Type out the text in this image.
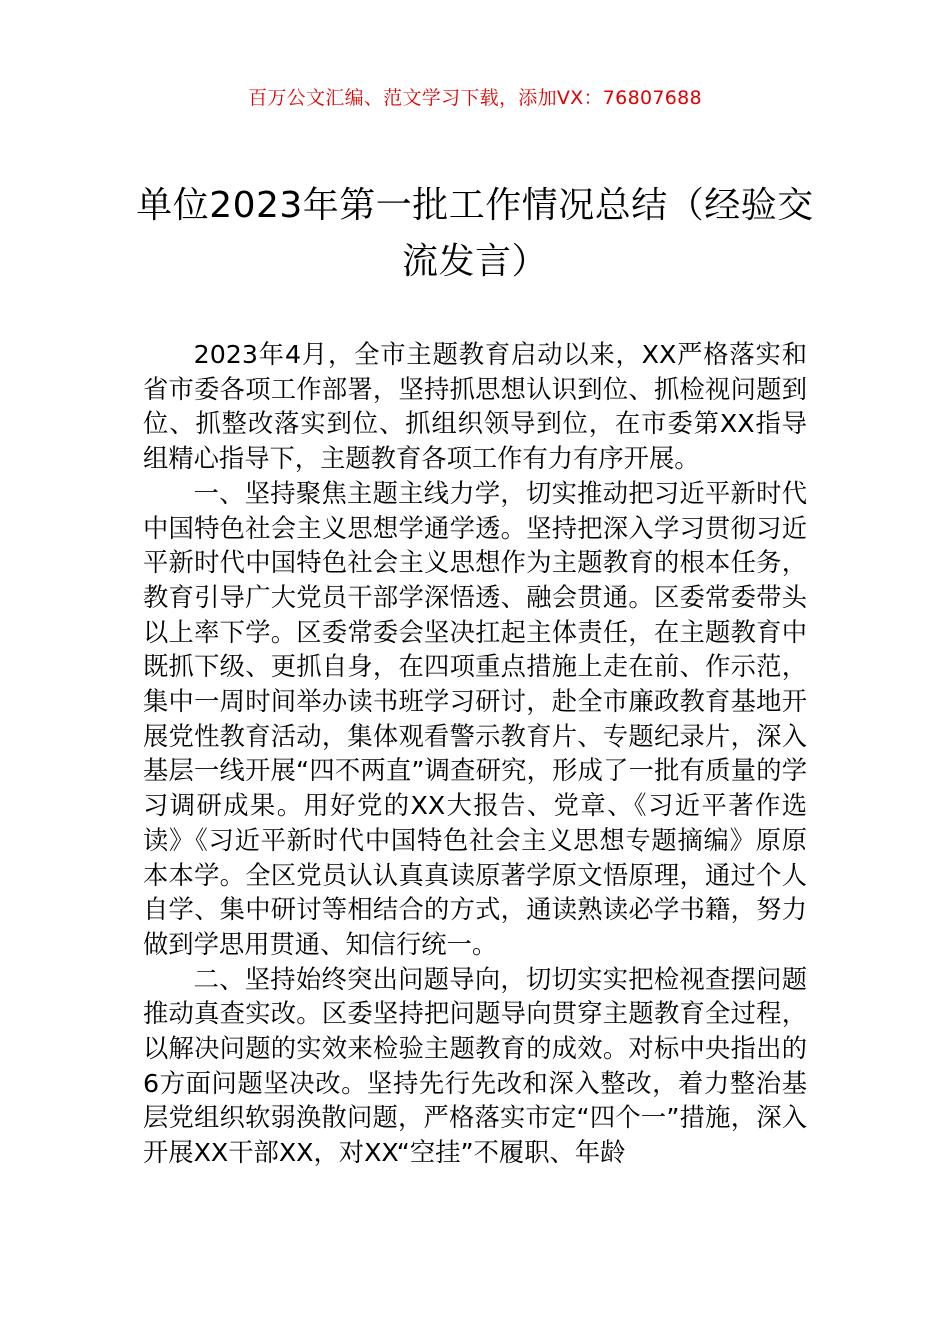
百万公文汇编、范文学习下载，添加VX：76807688
单位2023年第一批工作情况总结（经验交
流发言）

2023年4月，全市主题教育启动以来，XX严格落实和省市委各项工作部署，坚持抓思想认识到位、抓检视问题到位、抓整改落实到位、抓组织领导到位，在市委第XX指导组精心指导下，主题教育各项工作有力有序开展。

一、坚持聚焦主题主线力学，切实推动把习近平新时代中国特色社会主义思想学通学透。坚持把深入学习贯彻习近平新时代中国特色社会主义思想作为主题教育的根本任务，教育引导广大党员干部学深悟透、融会贯通。区委常委带头以上率下学。区委常委会坚决扛起主体责任，在主题教育中既抓下级、更抓自身，在四项重点措施上走在前、作示范，集中一周时间举办读书班学习研讨，赴全市廉政教育基地开展党性教育活动，集体观看警示教育片、专题纪录片，深入基层一线开展“四不两直”调查研究，形成了一批有质量的学习调研成果。用好党的XX大报告、党章、《习近平著作选读》《习近平新时代中国特色社会主义思想专题摘编》原原本本学。全区党员认认真真读原著学原文悟原理，通过个人自学、集中研讨等相结合的方式，通读熟读必学书籍，努力做到学思用贯通、知信行统一。

二、坚持始终突出问题导向，切切实实把检视查摆问题推动真查实改。区委坚持把问题导向贯穿主题教育全过程，以解决问题的实效来检验主题教育的成效。对标中央指出的6方面问题坚决改。坚持先行先改和深入整改，着力整治基层党组织软弱涣散问题，严格落实市定“四个一”措施，深入开展XX干部XX，对XX“空挂”不履职、年龄
